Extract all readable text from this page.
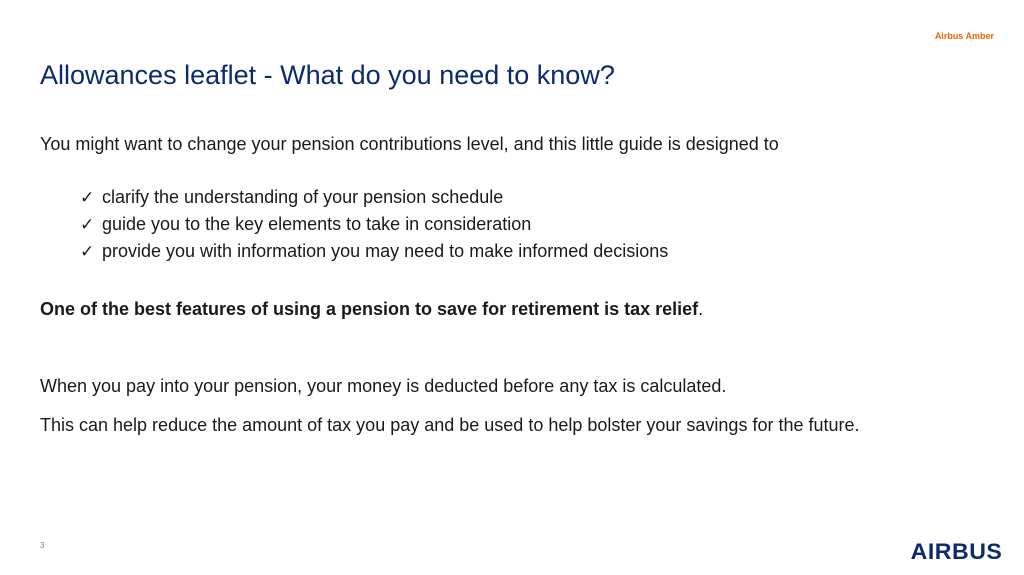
Airbus Amber
Allowances leaflet - What do you need to know?

You might want to change your pension contributions level, and this little guide is designed to

✓ clarify the understanding of your pension schedule
✓ guide you to the key elements to take in consideration
✓ provide you with information you may need to make informed decisions

One of the best features of using a pension to save for retirement is tax relief.

When you pay into your pension, your money is deducted before any tax is calculated.

This can help reduce the amount of tax you pay and be used to help bolster your savings for the future.

3	AIRBUS
